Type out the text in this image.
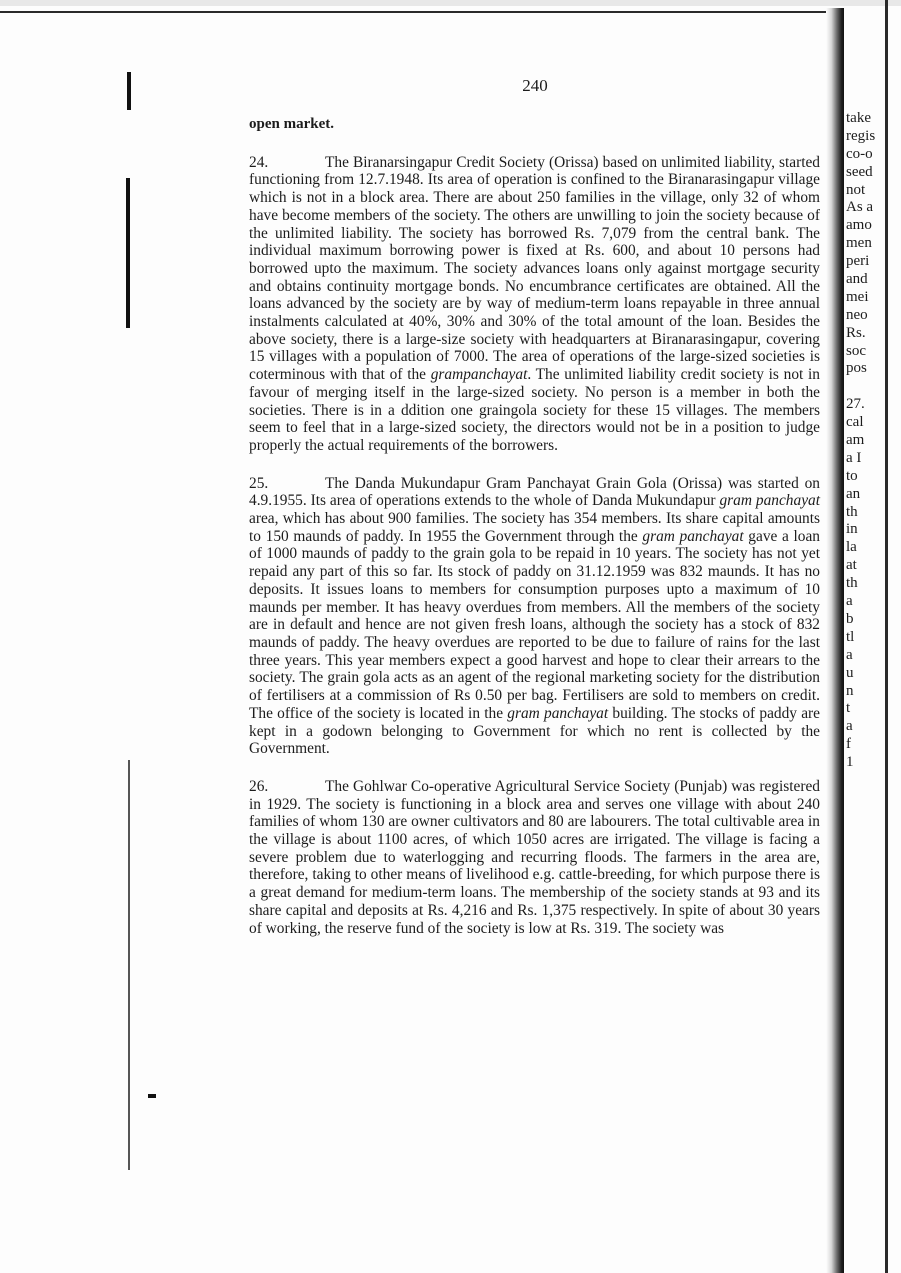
240
open market.

24.	The Biranarsingapur Credit Society (Orissa) based on unlimited liability, started functioning from 12.7.1948. Its area of operation is confined to the Biranarasingapur village which is not in a block area. There are about 250 families in the village, only 32 of whom have become members of the society. The others are unwilling to join the society because of the unlimited liability. The society has borrowed Rs. 7,079 from the central bank. The individual maximum borrowing power is fixed at Rs. 600, and about 10 persons had borrowed upto the maximum. The society advances loans only against mortgage security and obtains continuity mortgage bonds. No encumbrance certificates are obtained. All the loans advanced by the society are by way of medium-term loans repayable in three annual instalments calculated at 40%, 30% and 30% of the total amount of the loan. Besides the above society, there is a large-size society with headquarters at Biranarasingapur, covering 15 villages with a population of 7000. The area of operations of the large-sized societies is coterminous with that of the grampanchayat. The unlimited liability credit society is not in favour of merging itself in the large-sized society. No person is a member in both the societies. There is in a ddition one graingola society for these 15 villages. The members seem to feel that in a large-sized society, the directors would not be in a position to judge properly the actual requirements of the borrowers.

25.	The Danda Mukundapur Gram Panchayat Grain Gola (Orissa) was started on 4.9.1955. Its area of operations extends to the whole of Danda Mukundapur gram panchayat area, which has about 900 families. The society has 354 members. Its share capital amounts to 150 maunds of paddy. In 1955 the Government through the gram panchayat gave a loan of 1000 maunds of paddy to the grain gola to be repaid in 10 years. The society has not yet repaid any part of this so far. Its stock of paddy on 31.12.1959 was 832 maunds. It has no deposits. It issues loans to members for consumption purposes upto a maximum of 10 maunds per member. It has heavy overdues from members. All the members of the society are in default and hence are not given fresh loans, although the society has a stock of 832 maunds of paddy. The heavy overdues are reported to be due to failure of rains for the last three years. This year members expect a good harvest and hope to clear their arrears to the society. The grain gola acts as an agent of the regional marketing society for the distribution of fertilisers at a commission of Rs 0.50 per bag. Fertilisers are sold to members on credit. The office of the society is located in the gram panchayat building. The stocks of paddy are kept in a godown belonging to Government for which no rent is collected by the Government.

26.	The Gohlwar Co-operative Agricultural Service Society (Punjab) was registered in 1929. The society is functioning in a block area and serves one village with about 240 families of whom 130 are owner cultivators and 80 are labourers. The total cultivable area in the village is about 1100 acres, of which 1050 acres are irrigated. The village is facing a severe problem due to waterlogging and recurring floods. The farmers in the area are, therefore, taking to other means of livelihood e.g. cattle-breeding, for which purpose there is a great demand for medium-term loans. The membership of the society stands at 93 and its share capital and deposits at Rs. 4,216 and Rs. 1,375 respectively. In spite of about 30 years of working, the reserve fund of the society is low at Rs. 319. The society was

take
regis
co-o
seed
not
As a
amo
men
peri
and
mei
neo
Rs.
soc
pos
27.
cal
am
a I
to
an
th
in
la
at
th
a
b
tl
a
u
n
t
a
f
1
